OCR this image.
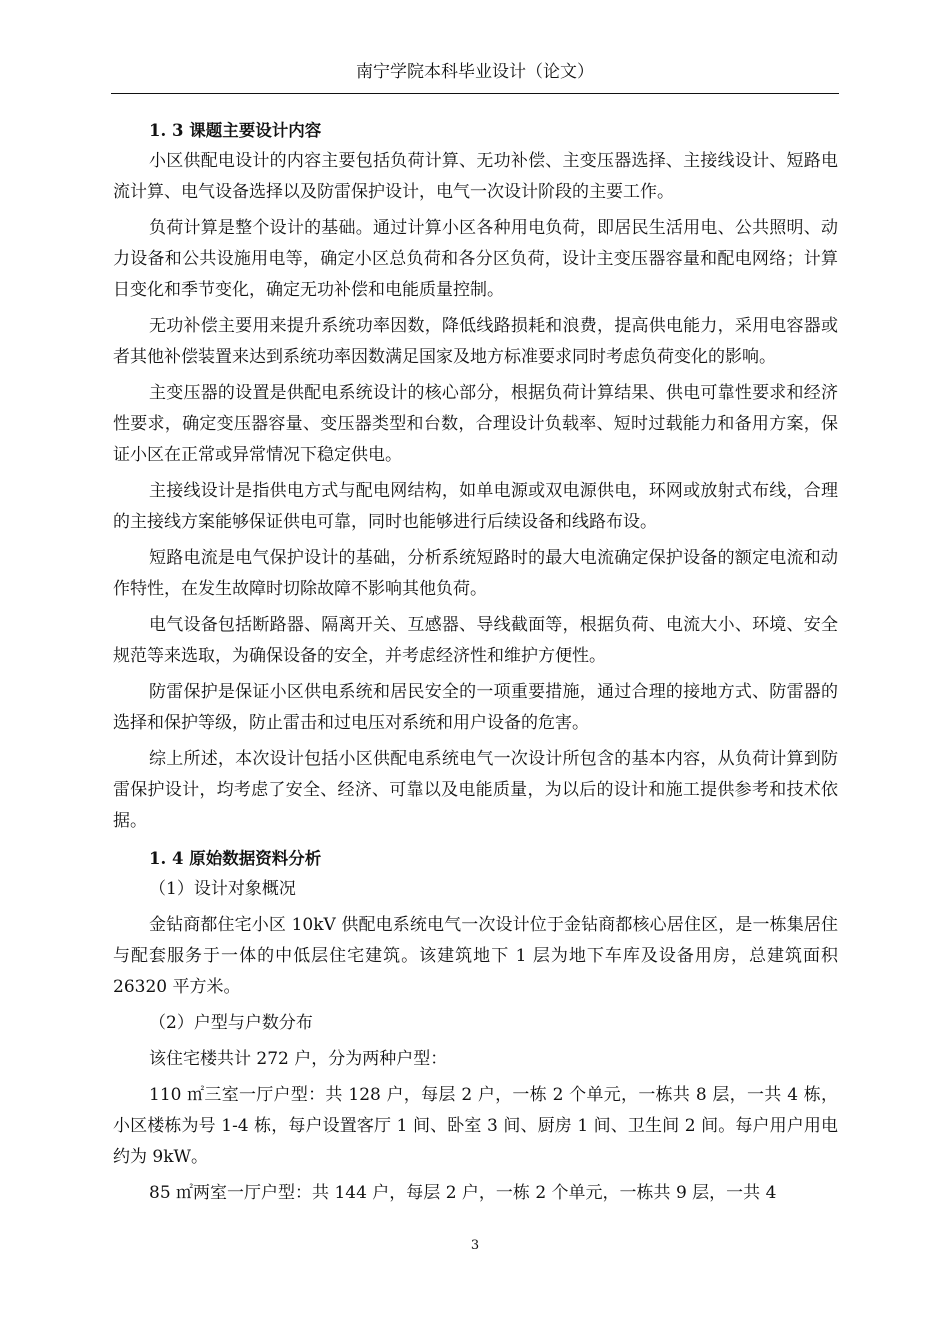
南宁学院本科毕业设计（论文）
1. 3 课题主要设计内容

小区供配电设计的内容主要包括负荷计算、无功补偿、主变压器选择、主接线设计、短路电流计算、电气设备选择以及防雷保护设计，电气一次设计阶段的主要工作。

负荷计算是整个设计的基础。通过计算小区各种用电负荷，即居民生活用电、公共照明、动力设备和公共设施用电等，确定小区总负荷和各分区负荷，设计主变压器容量和配电网络；计算日变化和季节变化，确定无功补偿和电能质量控制。

无功补偿主要用来提升系统功率因数，降低线路损耗和浪费，提高供电能力，采用电容器或者其他补偿装置来达到系统功率因数满足国家及地方标准要求同时考虑负荷变化的影响。

主变压器的设置是供配电系统设计的核心部分，根据负荷计算结果、供电可靠性要求和经济性要求，确定变压器容量、变压器类型和台数，合理设计负载率、短时过载能力和备用方案，保证小区在正常或异常情况下稳定供电。

主接线设计是指供电方式与配电网结构，如单电源或双电源供电，环网或放射式布线，合理的主接线方案能够保证供电可靠，同时也能够进行后续设备和线路布设。

短路电流是电气保护设计的基础，分析系统短路时的最大电流确定保护设备的额定电流和动作特性，在发生故障时切除故障不影响其他负荷。

电气设备包括断路器、隔离开关、互感器、导线截面等，根据负荷、电流大小、环境、安全规范等来选取，为确保设备的安全，并考虑经济性和维护方便性。

防雷保护是保证小区供电系统和居民安全的一项重要措施，通过合理的接地方式、防雷器的选择和保护等级，防止雷击和过电压对系统和用户设备的危害。

综上所述，本次设计包括小区供配电系统电气一次设计所包含的基本内容，从负荷计算到防雷保护设计，均考虑了安全、经济、可靠以及电能质量，为以后的设计和施工提供参考和技术依据。

1. 4 原始数据资料分析

（1）设计对象概况

金钻商都住宅小区 10kV 供配电系统电气一次设计位于金钻商都核心居住区，是一栋集居住与配套服务于一体的中低层住宅建筑。该建筑地下 1 层为地下车库及设备用房，总建筑面积 26320 平方米。

（2）户型与户数分布

该住宅楼共计 272 户，分为两种户型：

110 ㎡三室一厅户型：共 128 户，每层 2 户，一栋 2 个单元，一栋共 8 层，一共 4 栋，小区楼栋为号 1-4 栋，每户设置客厅 1 间、卧室 3 间、厨房 1 间、卫生间 2 间。每户用户用电约为 9kW。

85 ㎡两室一厅户型：共 144 户，每层 2 户，一栋 2 个单元，一栋共 9 层，一共 4

3
